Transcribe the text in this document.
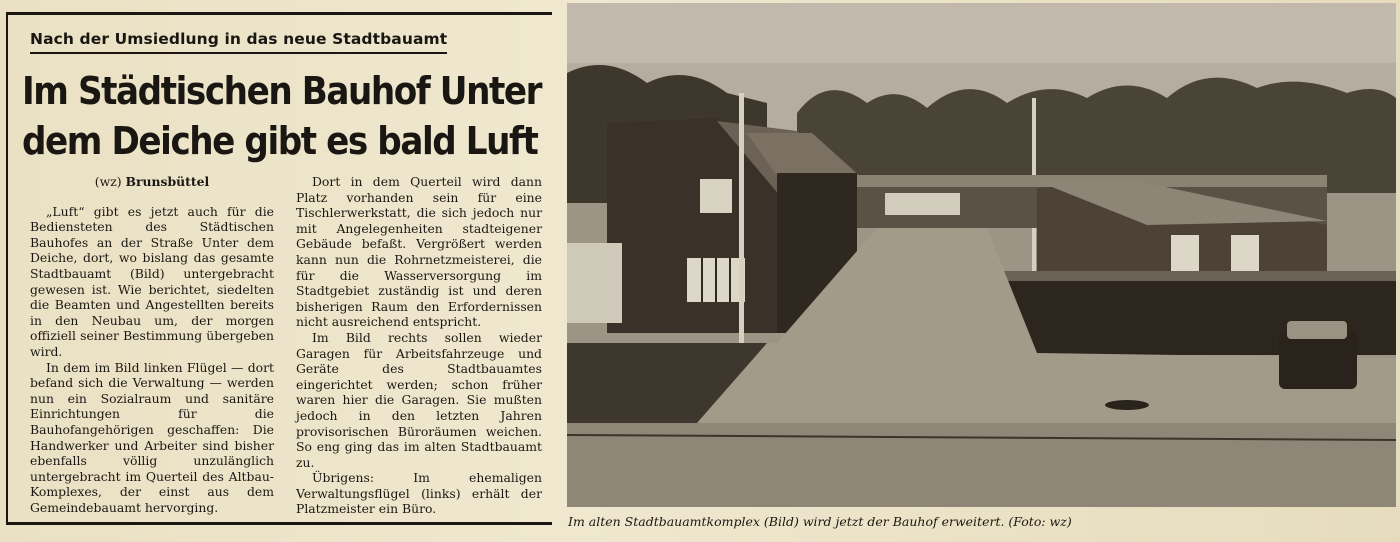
Nach der Umsiedlung in das neue Stadtbauamt
Im Städtischen Bauhof Unter
dem Deiche gibt es bald Luft

(wz) Brunsbüttel

„Luft“ gibt es jetzt auch für die Bediensteten des Städtischen Bauhofes an der Straße Unter dem Deiche, dort, wo bislang das gesamte Stadtbauamt (Bild) untergebracht gewesen ist. Wie berichtet, siedelten die Beamten und Angestellten bereits in den Neubau um, der morgen offiziell seiner Bestimmung übergeben wird.

In dem im Bild linken Flügel — dort befand sich die Verwaltung — werden nun ein Sozialraum und sanitäre Einrichtungen für die Bauhofangehörigen geschaffen: Die Handwerker und Arbeiter sind bisher ebenfalls völlig unzulänglich untergebracht im Querteil des Altbau-Komplexes, der einst aus dem Gemeindebauamt hervorging.

Dort in dem Querteil wird dann Platz vorhanden sein für eine Tischlerwerkstatt, die sich jedoch nur mit Angelegenheiten stadteigener Gebäude befaßt. Vergrößert werden kann nun die Rohrnetzmeisterei, die für die Wasserversorgung im Stadtgebiet zuständig ist und deren bisherigen Raum den Erfordernissen nicht ausreichend entspricht.

Im Bild rechts sollen wieder Garagen für Arbeitsfahrzeuge und Geräte des Stadtbauamtes eingerichtet werden; schon früher waren hier die Garagen. Sie mußten jedoch in den letzten Jahren provisorischen Büroräumen weichen. So eng ging das im alten Stadtbauamt zu.

Übrigens: Im ehemaligen Verwaltungsflügel (links) erhält der Platzmeister ein Büro.

Im alten Stadtbauamtkomplex (Bild) wird jetzt der Bauhof erweitert. (Foto: wz)
